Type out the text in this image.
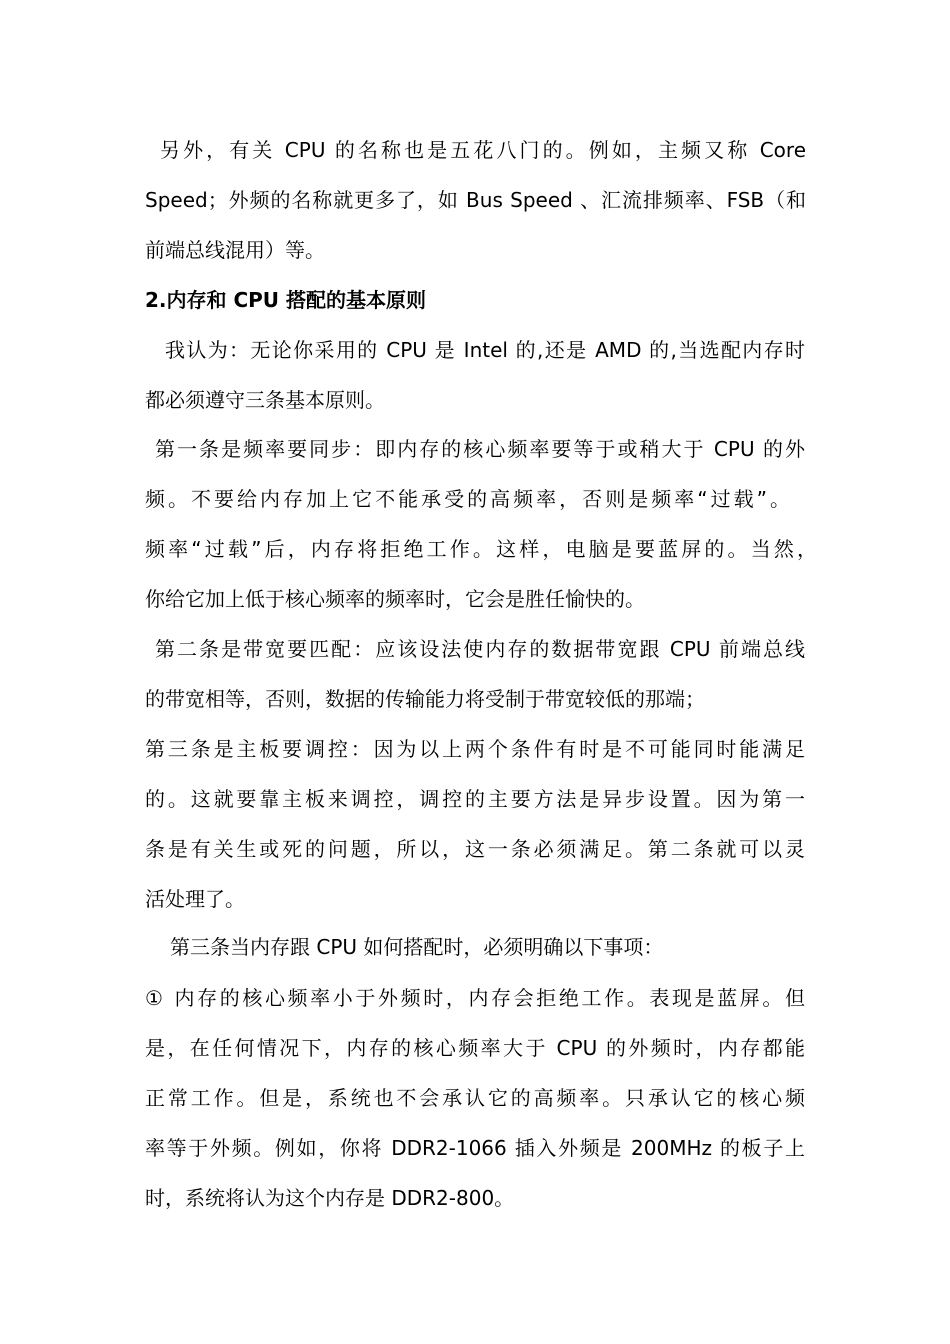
另外，有关 CPU 的名称也是五花八门的。例如，主频又称 Core
Speed；外频的名称就更多了，如 Bus Speed 、汇流排频率、FSB（和
前端总线混用）等。
2.内存和 CPU 搭配的基本原则
我认为：无论你采用的 CPU 是 Intel 的,还是 AMD 的,当选配内存时
都必须遵守三条基本原则。
第一条是频率要同步：即内存的核心频率要等于或稍大于 CPU 的外
频。不要给内存加上它不能承受的高频率，否则是频率“过载”。
频率“过载”后，内存将拒绝工作。这样，电脑是要蓝屏的。当然，
你给它加上低于核心频率的频率时，它会是胜任愉快的。
第二条是带宽要匹配：应该设法使内存的数据带宽跟 CPU 前端总线
的带宽相等，否则，数据的传输能力将受制于带宽较低的那端；
第三条是主板要调控：因为以上两个条件有时是不可能同时能满足
的。这就要靠主板来调控，调控的主要方法是异步设置。因为第一
条是有关生或死的问题，所以，这一条必须满足。第二条就可以灵
活处理了。
第三条当内存跟 CPU 如何搭配时，必须明确以下事项：
① 内存的核心频率小于外频时，内存会拒绝工作。表现是蓝屏。但
是，在任何情况下，内存的核心频率大于 CPU 的外频时，内存都能
正常工作。但是，系统也不会承认它的高频率。只承认它的核心频
率等于外频。例如，你将 DDR2-1066 插入外频是 200MHz 的板子上
时，系统将认为这个内存是 DDR2-800。
